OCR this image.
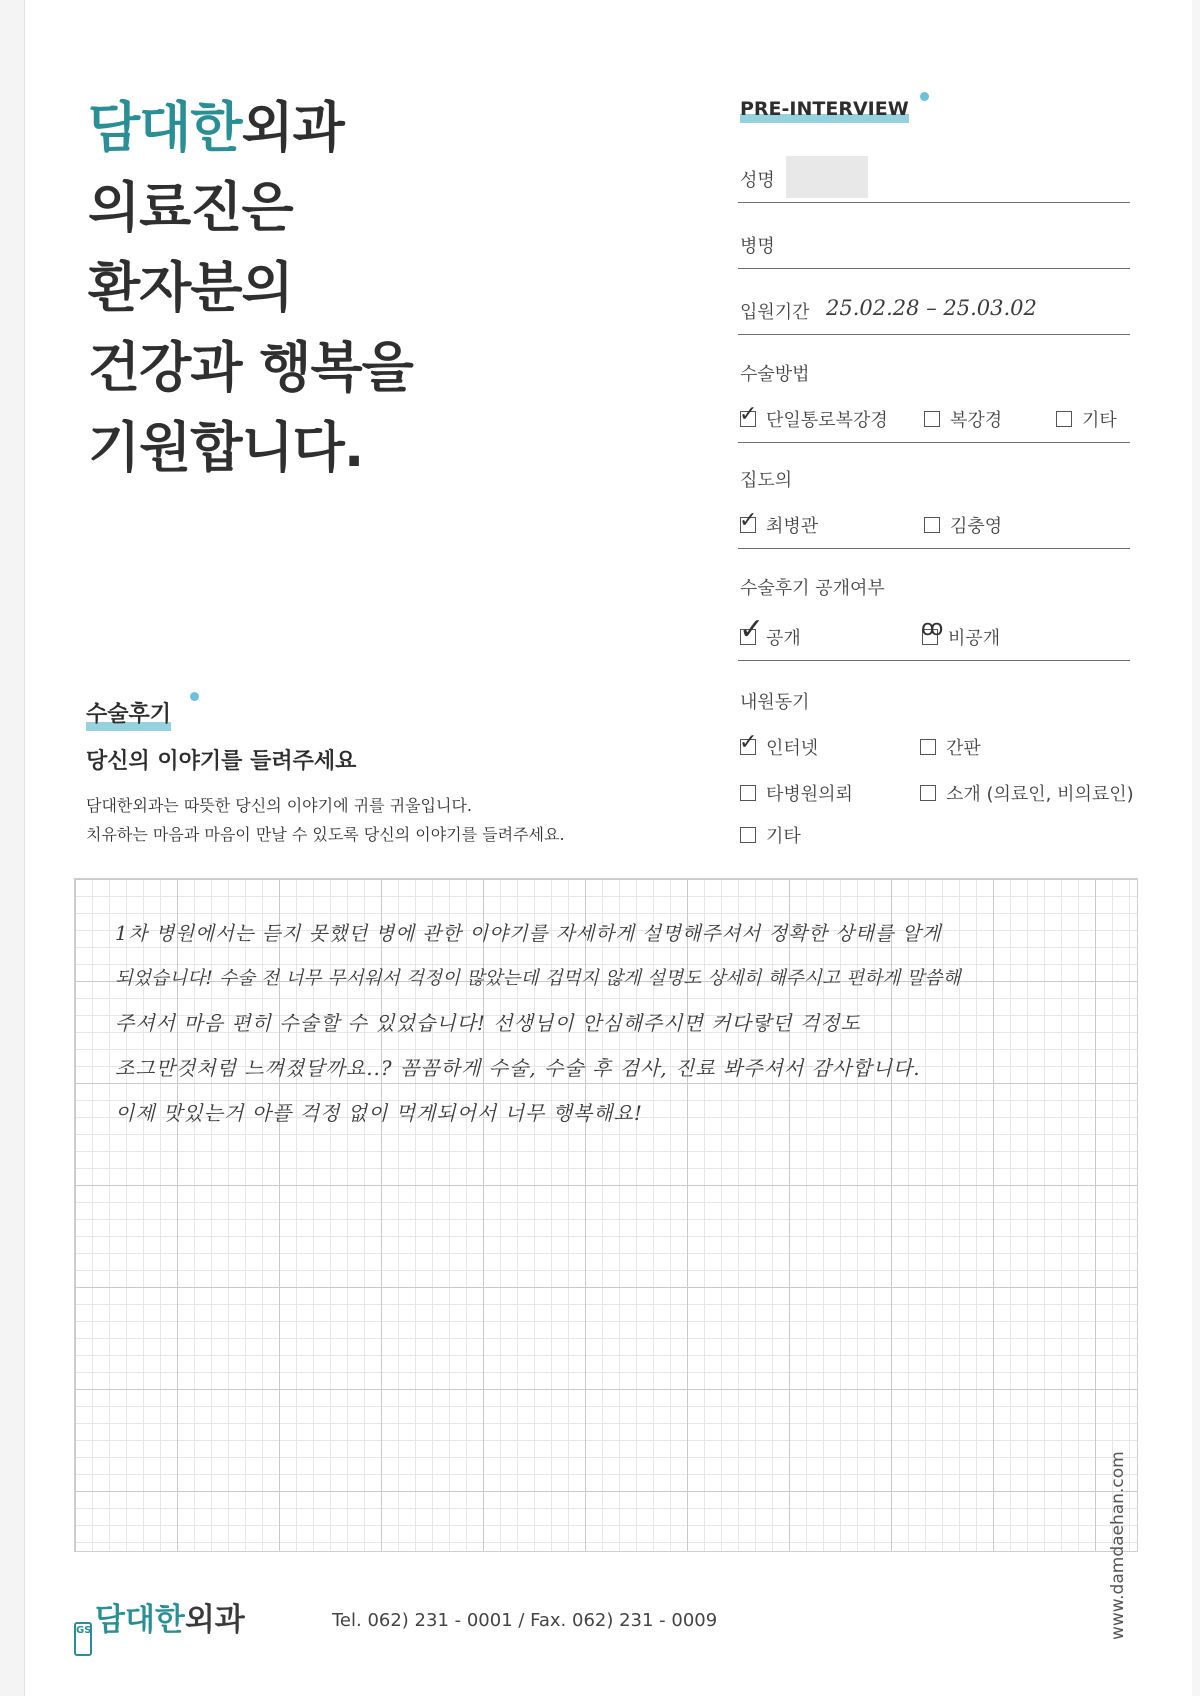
담대한외과
의료진은
환자분의
건강과 행복을
기원합니다.
PRE-INTERVIEW
성명
병명
입원기간 25.02.28 – 25.03.02
수술방법
✓ 단일통로복강경	복강경	기타
집도의
✓ 최병관	김충영
수술후기 공개여부
✓ 공개	ꝏ 비공개
내원동기
✓ 인터넷	간판
타병원의뢰	소개 (의료인, 비의료인)
기타
수술후기
당신의 이야기를 들려주세요
담대한외과는 따뜻한 당신의 이야기에 귀를 귀울입니다.
치유하는 마음과 마음이 만날 수 있도록 당신의 이야기를 들려주세요.
1차 병원에서는 듣지 못했던 병에 관한 이야기를 자세하게 설명해주셔서 정확한 상태를 알게
되었습니다! 수술 전 너무 무서워서 걱정이 많았는데 겁먹지 않게 설명도 상세히 해주시고 편하게 말씀해
주셔서 마음 편히 수술할 수 있었습니다! 선생님이 안심해주시면 커다랗던 걱정도
조그만것처럼 느껴졌달까요..? 꼼꼼하게 수술, 수술 후 검사, 진료 봐주셔서 감사합니다.
이제 맛있는거 아플 걱정 없이 먹게되어서 너무 행복해요!
GS 담대한외과	Tel. 062) 231 - 0001 / Fax. 062) 231 - 0009	www.damdaehan.com
